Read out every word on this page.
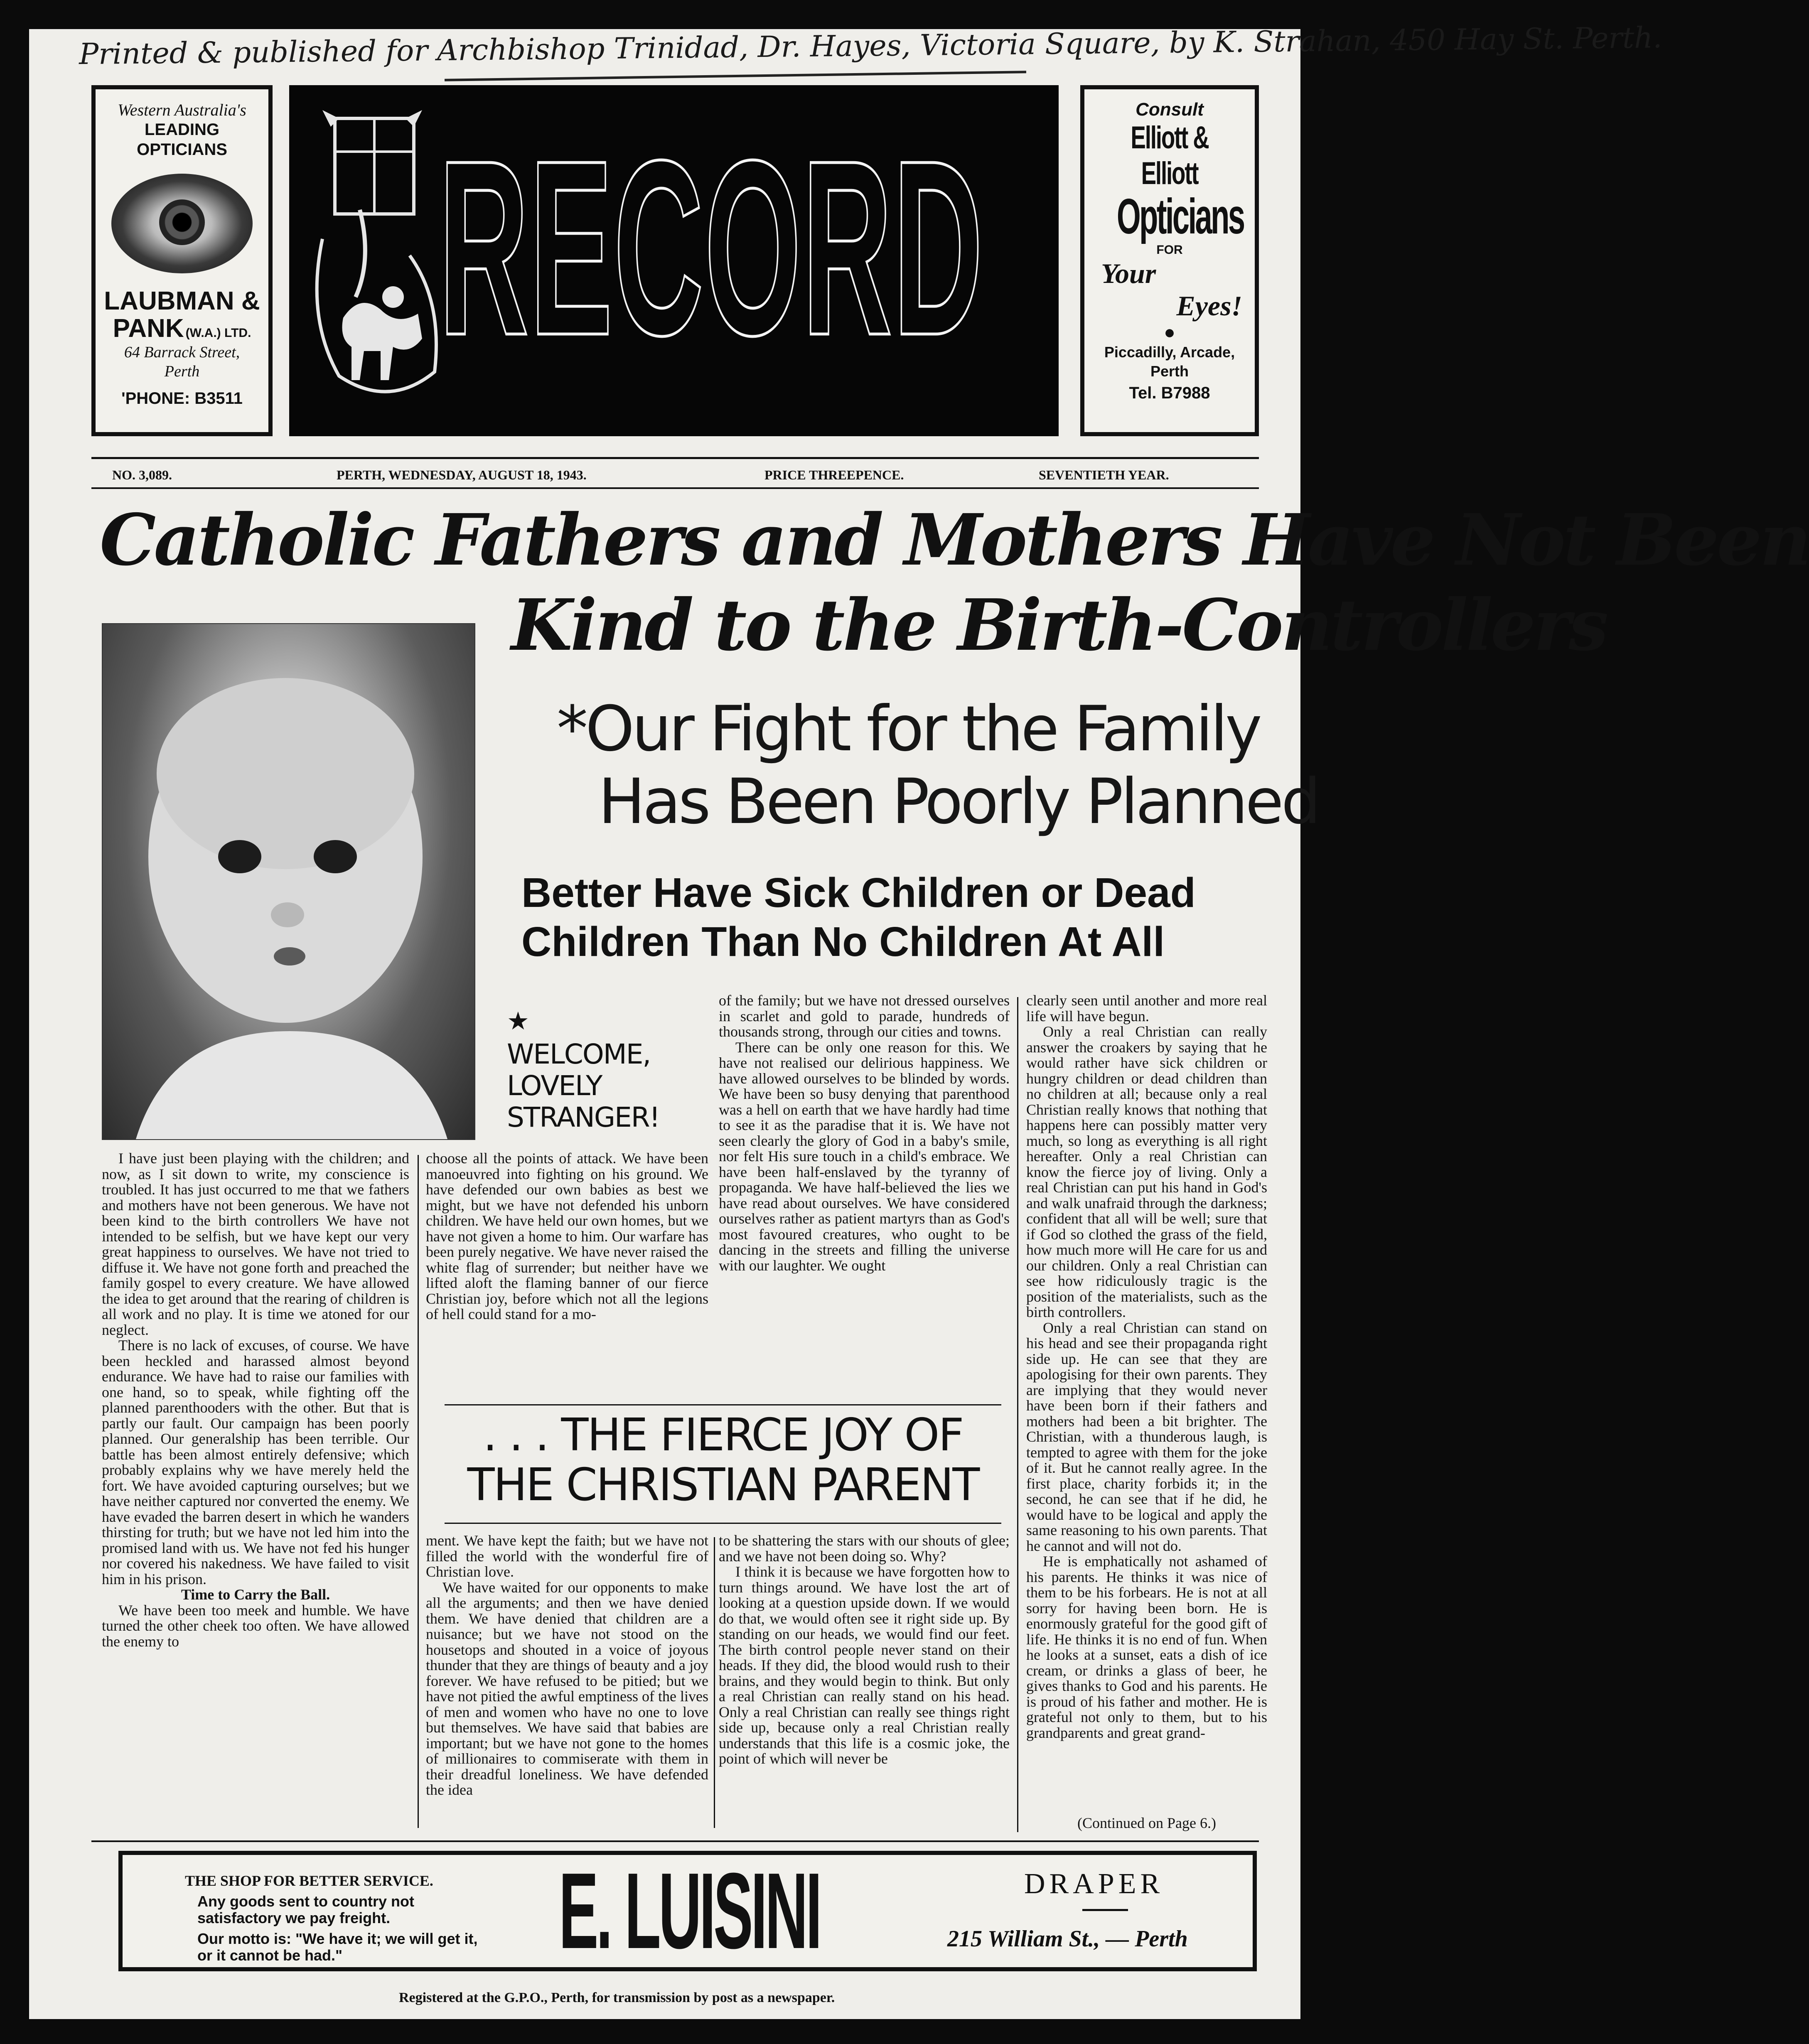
Printed & published for Archbishop Trinidad, Dr. Hayes, Victoria Square, by K. Strahan, 450 Hay St. Perth.
Western Australia's
LEADING
OPTICIANS
LAUBMAN &
PANK (W.A.) LTD.
64 Barrack Street,
Perth
'PHONE: B3511
RECORD	Consult
Elliott & Elliott
Opticians
FOR
Your
Eyes!
●
Piccadilly, Arcade,
Perth
Tel. B7988
NO. 3,089.	PERTH, WEDNESDAY, AUGUST 18, 1943.	PRICE THREEPENCE.	SEVENTIETH YEAR.
Catholic Fathers and Mothers Have Not Been
Kind to the Birth-Controllers
*Our Fight for the Family
Has Been Poorly Planned
Better Have Sick Children or Dead
Children Than No Children At All
★
WELCOME,
LOVELY
STRANGER!

I have just been playing with the children; and now, as I sit down to write, my conscience is troubled. It has just occurred to me that we fathers and mothers have not been generous. We have not been kind to the birth controllers We have not intended to be selfish, but we have kept our very great happiness to ourselves. We have not tried to diffuse it. We have not gone forth and preached the family gospel to every creature. We have allowed the idea to get around that the rearing of children is all work and no play. It is time we atoned for our neglect.

There is no lack of excuses, of course. We have been heckled and harassed almost beyond endurance. We have had to raise our families with one hand, so to speak, while fighting off the planned parenthooders with the other. But that is partly our fault. Our campaign has been poorly planned. Our generalship has been terrible. Our battle has been almost entirely defensive; which probably explains why we have merely held the fort. We have avoided capturing ourselves; but we have neither captured nor converted the enemy. We have evaded the barren desert in which he wanders thirsting for truth; but we have not led him into the promised land with us. We have not fed his hunger nor covered his nakedness. We have failed to visit him in his prison.

Time to Carry the Ball.

We have been too meek and humble. We have turned the other cheek too often. We have allowed the enemy to

choose all the points of attack. We have been manoeuvred into fighting on his ground. We have defended our own babies as best we might, but we have not defended his unborn children. We have held our own homes, but we have not given a home to him. Our warfare has been purely negative. We have never raised the white flag of surrender; but neither have we lifted aloft the flaming banner of our fierce Christian joy, before which not all the legions of hell could stand for a mo-

of the family; but we have not dressed ourselves in scarlet and gold to parade, hundreds of thousands strong, through our cities and towns.

There can be only one reason for this. We have not realised our delirious happiness. We have allowed ourselves to be blinded by words. We have been so busy denying that parenthood was a hell on earth that we have hardly had time to see it as the paradise that it is. We have not seen clearly the glory of God in a baby's smile, nor felt His sure touch in a child's embrace. We have been half-enslaved by the tyranny of propaganda. We have half-believed the lies we have read about ourselves. We have considered ourselves rather as patient martyrs than as God's most favoured creatures, who ought to be dancing in the streets and filling the universe with our laughter. We ought

. . . THE FIERCE JOY OF
THE CHRISTIAN PARENT

ment. We have kept the faith; but we have not filled the world with the wonderful fire of Christian love.

We have waited for our opponents to make all the arguments; and then we have denied them. We have denied that children are a nuisance; but we have not stood on the housetops and shouted in a voice of joyous thunder that they are things of beauty and a joy forever. We have refused to be pitied; but we have not pitied the awful emptiness of the lives of men and women who have no one to love but themselves. We have said that babies are important; but we have not gone to the homes of millionaires to commiserate with them in their dreadful loneliness. We have defended the idea

to be shattering the stars with our shouts of glee; and we have not been doing so. Why?

I think it is because we have forgotten how to turn things around. We have lost the art of looking at a question upside down. If we would do that, we would often see it right side up. By standing on our heads, we would find our feet. The birth control people never stand on their heads. If they did, the blood would rush to their brains, and they would begin to think. But only a real Christian can really stand on his head. Only a real Christian can really see things right side up, because only a real Christian really understands that this life is a cosmic joke, the point of which will never be

clearly seen until another and more real life will have begun.

Only a real Christian can really answer the croakers by saying that he would rather have sick children or hungry children or dead children than no children at all; because only a real Christian really knows that nothing that happens here can possibly matter very much, so long as everything is all right hereafter. Only a real Christian can know the fierce joy of living. Only a real Christian can put his hand in God's and walk unafraid through the darkness; confident that all will be well; sure that if God so clothed the grass of the field, how much more will He care for us and our children. Only a real Christian can see how ridiculously tragic is the position of the materialists, such as the birth controllers.

Only a real Christian can stand on his head and see their propaganda right side up. He can see that they are apologising for their own parents. They are implying that they would never have been born if their fathers and mothers had been a bit brighter. The Christian, with a thunderous laugh, is tempted to agree with them for the joke of it. But he cannot really agree. In the first place, charity forbids it; in the second, he can see that if he did, he would have to be logical and apply the same reasoning to his own parents. That he cannot and will not do.

He is emphatically not ashamed of his parents. He thinks it was nice of them to be his forbears. He is not at all sorry for having been born. He is enormously grateful for the good gift of life. He thinks it is no end of fun. When he looks at a sunset, eats a dish of ice cream, or drinks a glass of beer, he gives thanks to God and his parents. He is proud of his father and mother. He is grateful not only to them, but to his grandparents and great grand-

(Continued on Page 6.)
THE SHOP FOR BETTER SERVICE.
Any goods sent to country not satisfactory we pay freight.
Our motto is: "We have it; we will get it, or it cannot be had."	E. LUISINI	DRAPER
215 William St., — Perth
Registered at the G.P.O., Perth, for transmission by post as a newspaper.
